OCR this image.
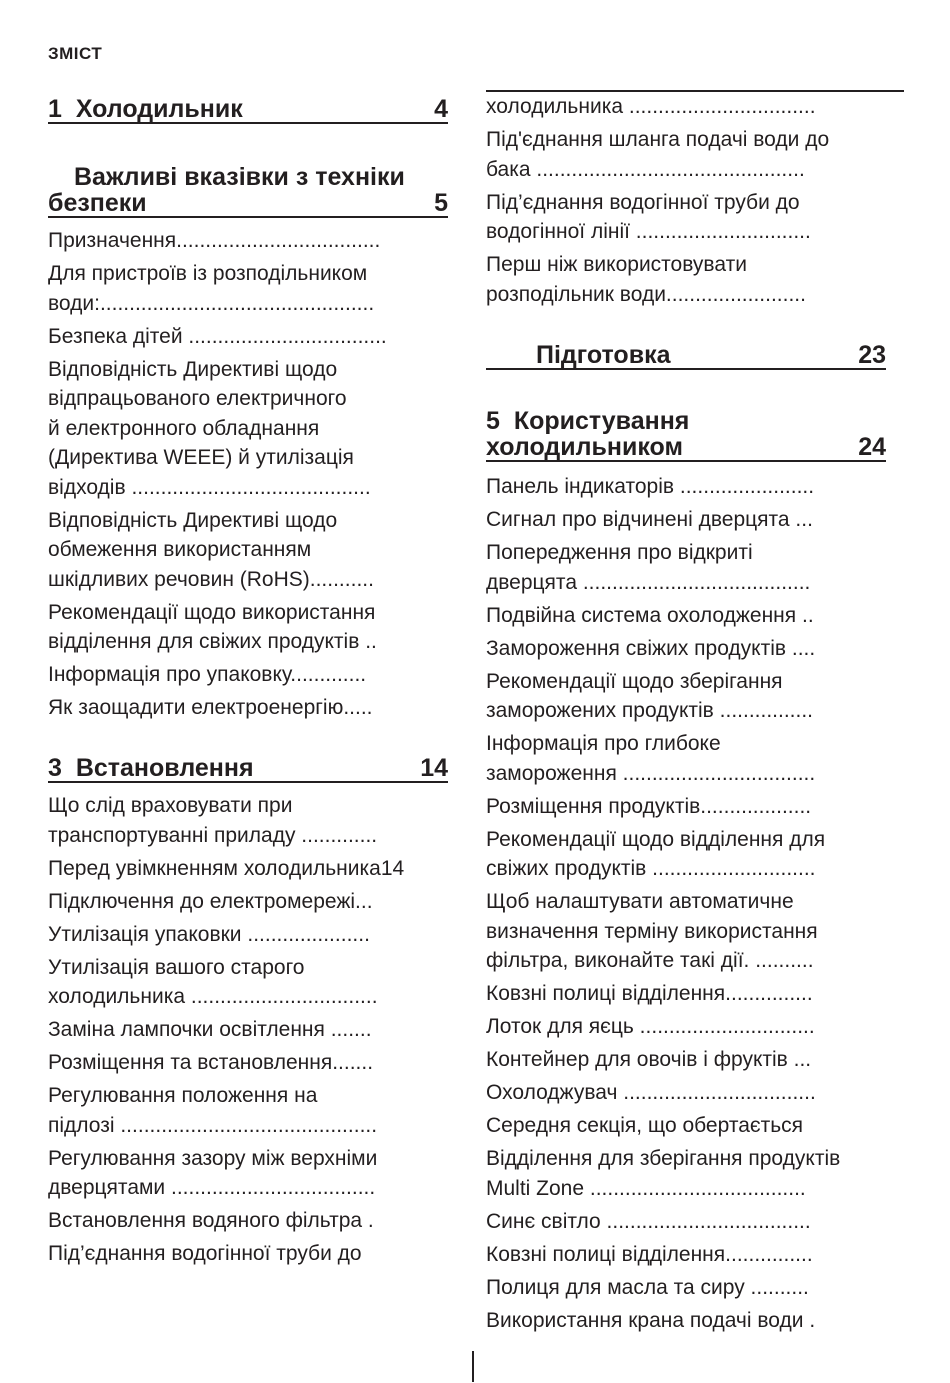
ЗМІСТ
1 Холодильник	4
Важливі вказівки з техніки
безпеки	5
Призначення...................................
Для пристроїв із розподільником
води:...............................................
Безпека дітей ..................................
Відповідність Директиві щодо
відпрацьованого електричного
й електронного обладнання
(Директива WEEE) й утилізація
відходів .........................................
Відповідність Директиві щодо
обмеження використанням
шкідливих речовин (RoHS)...........
Рекомендації щодо використання
відділення для свіжих продуктів ..
Інформація про упаковку.............
Як заощадити електроенергію.....
3 Встановлення	14
Що слід враховувати при
транспортуванні приладу .............
Перед увімкненням холодильника14
Підключення до електромережі...
Утилізація упаковки .....................
Утилізація вашого старого
холодильника ................................
Заміна лампочки освітлення .......
Розміщення та встановлення.......
Регулювання положення на
підлозі ............................................
Регулювання зазору між верхніми
дверцятами ...................................
Встановлення водяного фільтра .
Під’єднання водогінної труби до
холодильника ................................
Під'єднання шланга подачі води до
бака ..............................................
Під’єднання водогінної труби до
водогінної лінії ..............................
Перш ніж використовувати
розподільник води........................
Підготовка	23
5 Користування
холодильником	24
Панель індикаторів .......................
Сигнал про відчинені дверцята ...
Попередження про відкриті
дверцята .......................................
Подвійна система охолодження ..
Замороження свіжих продуктів ....
Рекомендації щодо зберігання
заморожених продуктів ................
Інформація про глибоке
замороження .................................
Розміщення продуктів...................
Рекомендації щодо відділення для
свіжих продуктів ............................
Щоб налаштувати автоматичне
визначення терміну використання
фільтра, виконайте такі дії. ..........
Ковзні полиці відділення...............
Лоток для яєць ..............................
Контейнер для овочів і фруктів ...
Охолоджувач .................................
Середня секція, що обертається
Відділення для зберігання продуктів
Multi Zone .....................................
Синє світло ...................................
Ковзні полиці відділення...............
Полиця для масла та сиру ..........
Використання крана подачі води .
